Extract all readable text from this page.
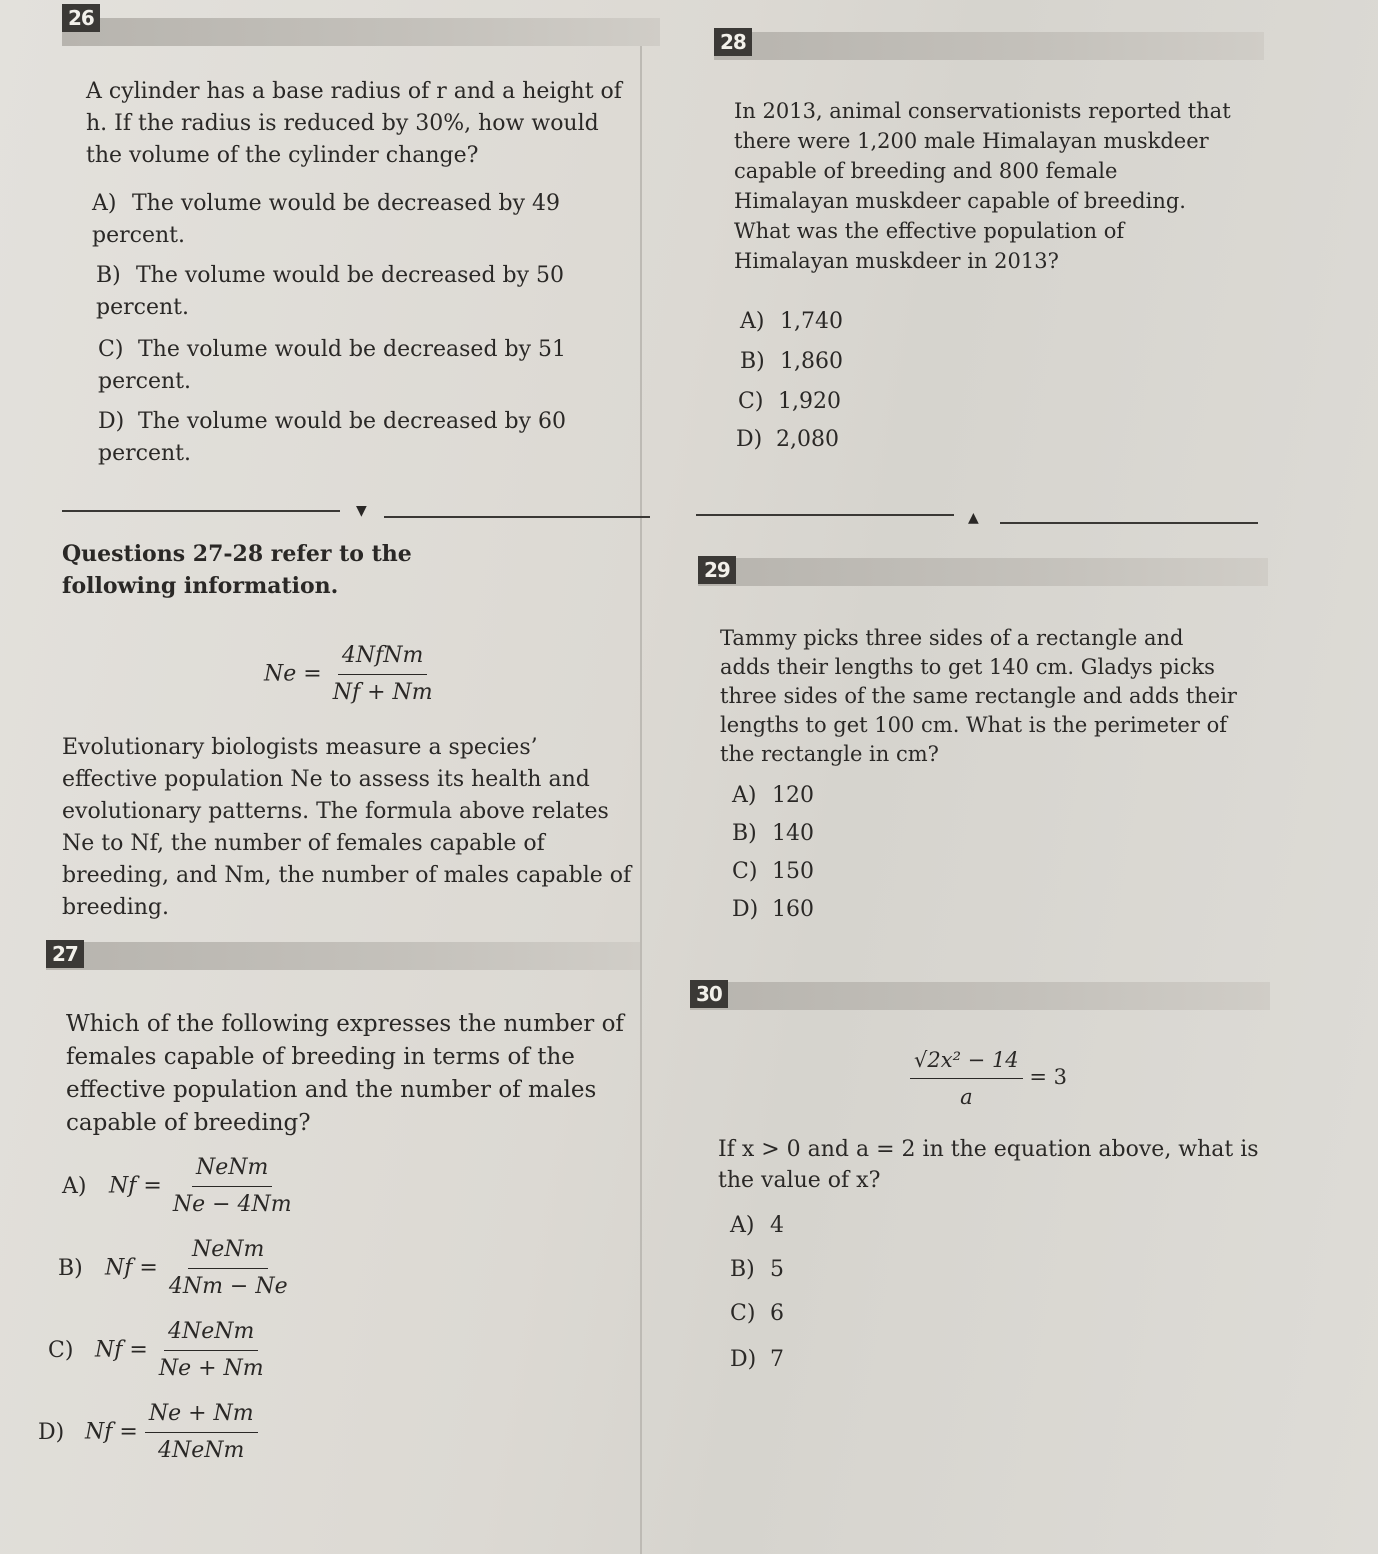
26
A cylinder has a base radius of r and a height of h. If the radius is reduced by 30%, how would the volume of the cylinder change?
A) The volume would be decreased by 49 percent.
B) The volume would be decreased by 50 percent.
C) The volume would be decreased by 51 percent.
D) The volume would be decreased by 60 percent.
▼	▲
Questions 27-28 refer to the following information.
$Ne = \frac{\text{4NfNm}}{Nf + Nm}$
Evolutionary biologists measure a species’ effective population Ne to assess its health and evolutionary patterns. The formula above relates Ne to Nf, the number of females capable of breeding, and Nm, the number of males capable of breeding.
27
Which of the following expresses the number of females capable of breeding in terms of the effective population and the number of males capable of breeding?
A) $Nf = \frac{\text{NeNm}}{Ne - 4Nm}$
B) $Nf = \frac{\text{NeNm}}{4Nm - Ne}$
C) $Nf = \frac{\text{4NeNm}}{Ne + Nm}$
D) $Nf = \frac{Ne + Nm}{\text{4NeNm}}$
28
In 2013, animal conservationists reported that there were 1,200 male Himalayan muskdeer capable of breeding and 800 female Himalayan muskdeer capable of breeding. What was the effective population of Himalayan muskdeer in 2013?
A) 1,740
B) 1,860
C) 1,920
D) 2,080
29
Tammy picks three sides of a rectangle and adds their lengths to get 140 cm. Gladys picks three sides of the same rectangle and adds their lengths to get 100 cm. What is the perimeter of the rectangle in cm?
A) 120
B) 140
C) 150
D) 160
30
$\frac{\text{√2x² − 14}}{a} = 3$
If x > 0 and a = 2 in the equation above, what is the value of x?
A) 4
B) 5
C) 6
D) 7
